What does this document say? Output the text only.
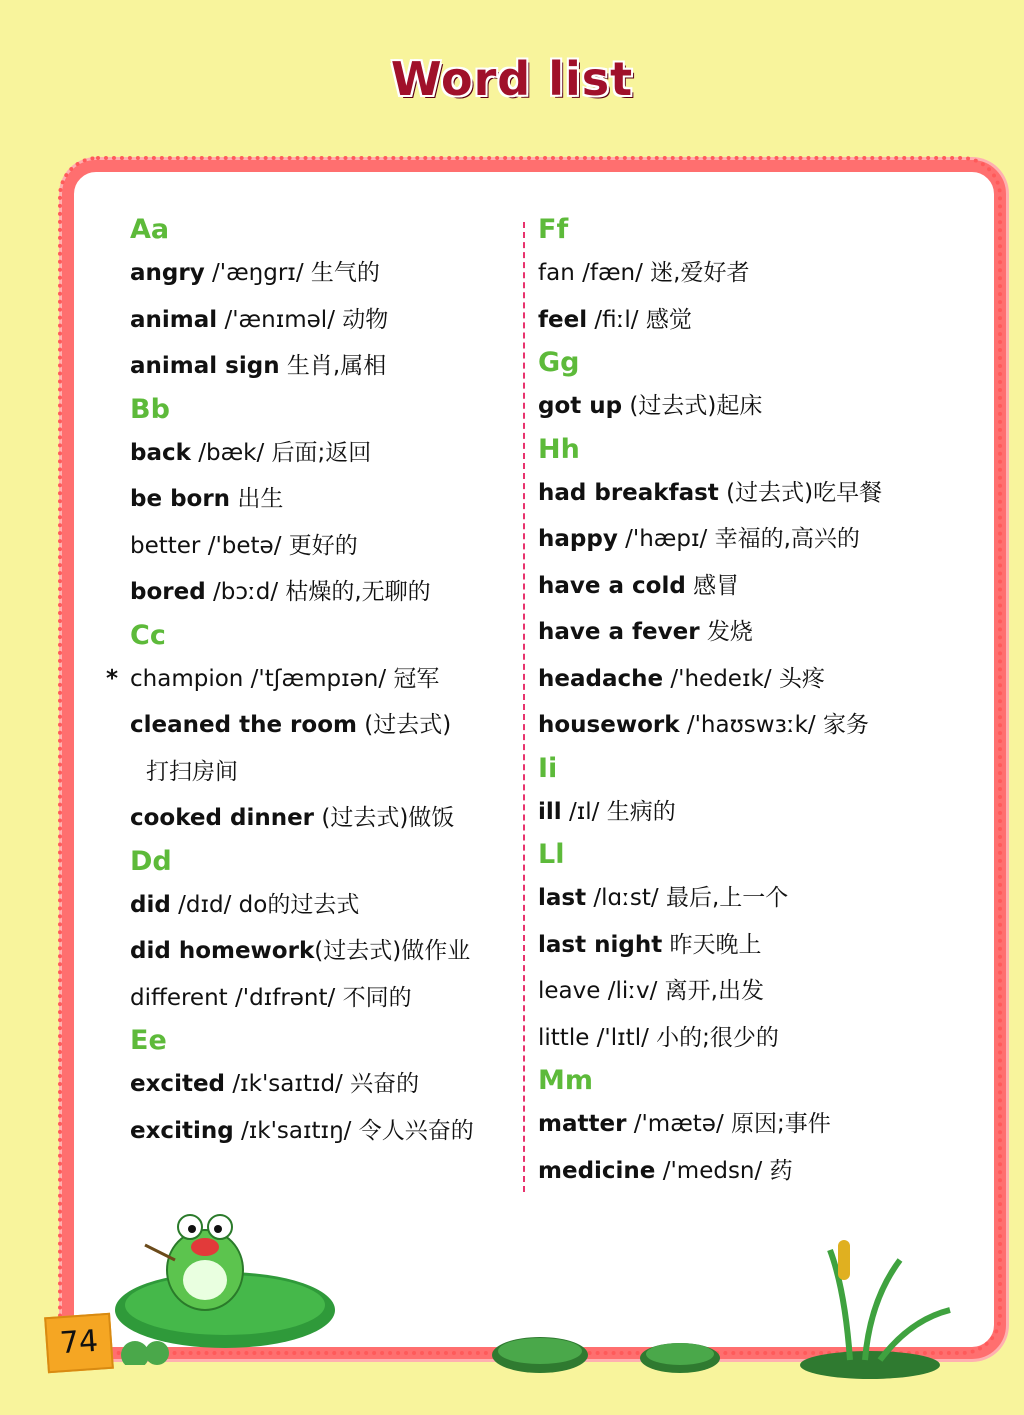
Word list
Aa
angry /'æŋgrɪ/ 生气的
animal /'ænɪməl/ 动物
animal sign 生肖,属相
Bb
back /bæk/ 后面;返回
be born 出生
better /'betə/ 更好的
bored /bɔːd/ 枯燥的,无聊的
Cc
* champion /'tʃæmpɪən/ 冠军
cleaned the room (过去式)
打扫房间
cooked dinner (过去式)做饭
Dd
did /dɪd/ do的过去式
did homework(过去式)做作业
different /'dɪfrənt/ 不同的
Ee
excited /ɪk'saɪtɪd/ 兴奋的
exciting /ɪk'saɪtɪŋ/ 令人兴奋的
Ff
fan /fæn/ 迷,爱好者
feel /fiːl/ 感觉
Gg
got up (过去式)起床
Hh
had breakfast (过去式)吃早餐
happy /'hæpɪ/ 幸福的,高兴的
have a cold 感冒
have a fever 发烧
headache /'hedeɪk/ 头疼
housework /'haʊswɜːk/ 家务
Ii
ill /ɪl/ 生病的
Ll
last /lɑːst/ 最后,上一个
last night 昨天晚上
leave /liːv/ 离开,出发
little /'lɪtl/ 小的;很少的
Mm
matter /'mætə/ 原因;事件
medicine /'medsn/ 药
74
